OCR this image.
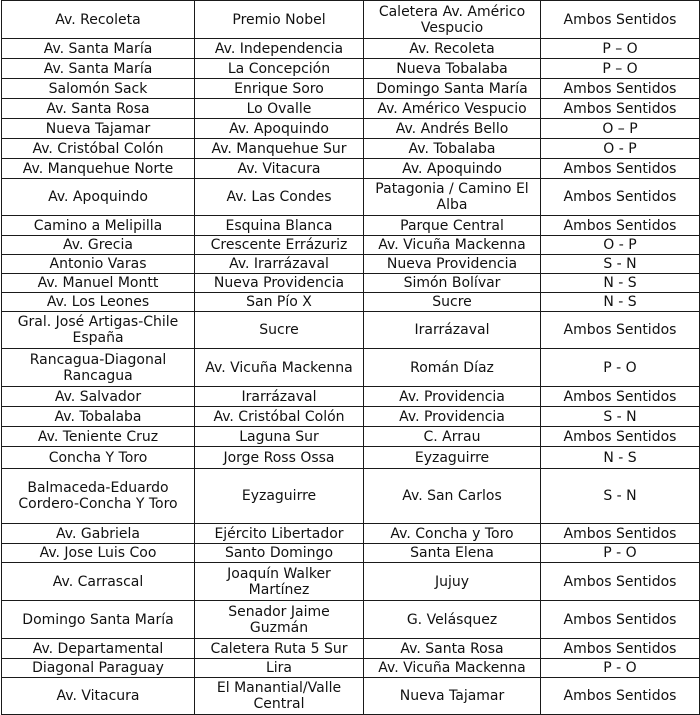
Av. Recoleta	Premio Nobel	Caletera Av. Américo Vespucio	Ambos Sentidos
Av. Santa María	Av. Independencia	Av. Recoleta	P – O
Av. Santa María	La Concepción	Nueva Tobalaba	P – O
Salomón Sack	Enrique Soro	Domingo Santa María	Ambos Sentidos
Av. Santa Rosa	Lo Ovalle	Av. Américo Vespucio	Ambos Sentidos
Nueva Tajamar	Av. Apoquindo	Av. Andrés Bello	O – P
Av. Cristóbal Colón	Av. Manquehue Sur	Av. Tobalaba	O - P
Av. Manquehue Norte	Av. Vitacura	Av. Apoquindo	Ambos Sentidos
Av. Apoquindo	Av. Las Condes	Patagonia / Camino El Alba	Ambos Sentidos
Camino a Melipilla	Esquina Blanca	Parque Central	Ambos Sentidos
Av. Grecia	Crescente Errázuriz	Av. Vicuña Mackenna	O - P
Antonio Varas	Av. Irarrázaval	Nueva Providencia	S - N
Av. Manuel Montt	Nueva Providencia	Simón Bolívar	N - S
Av. Los Leones	San Pío X	Sucre	N - S
Gral. José Artigas-Chile España	Sucre	Irarrázaval	Ambos Sentidos
Rancagua-Diagonal Rancagua	Av. Vicuña Mackenna	Román Díaz	P - O
Av. Salvador	Irarrázaval	Av. Providencia	Ambos Sentidos
Av. Tobalaba	Av. Cristóbal Colón	Av. Providencia	S - N
Av. Teniente Cruz	Laguna Sur	C. Arrau	Ambos Sentidos
Concha Y Toro	Jorge Ross Ossa	Eyzaguirre	N - S
Balmaceda-Eduardo Cordero-Concha Y Toro	Eyzaguirre	Av. San Carlos	S - N
Av. Gabriela	Ejército Libertador	Av. Concha y Toro	Ambos Sentidos
Av. Jose Luis Coo	Santo Domingo	Santa Elena	P - O
Av. Carrascal	Joaquín Walker Martínez	Jujuy	Ambos Sentidos
Domingo Santa María	Senador Jaime Guzmán	G. Velásquez	Ambos Sentidos
Av. Departamental	Caletera Ruta 5 Sur	Av. Santa Rosa	Ambos Sentidos
Diagonal Paraguay	Lira	Av. Vicuña Mackenna	P - O
Av. Vitacura	El Manantial/Valle Central	Nueva Tajamar	Ambos Sentidos
